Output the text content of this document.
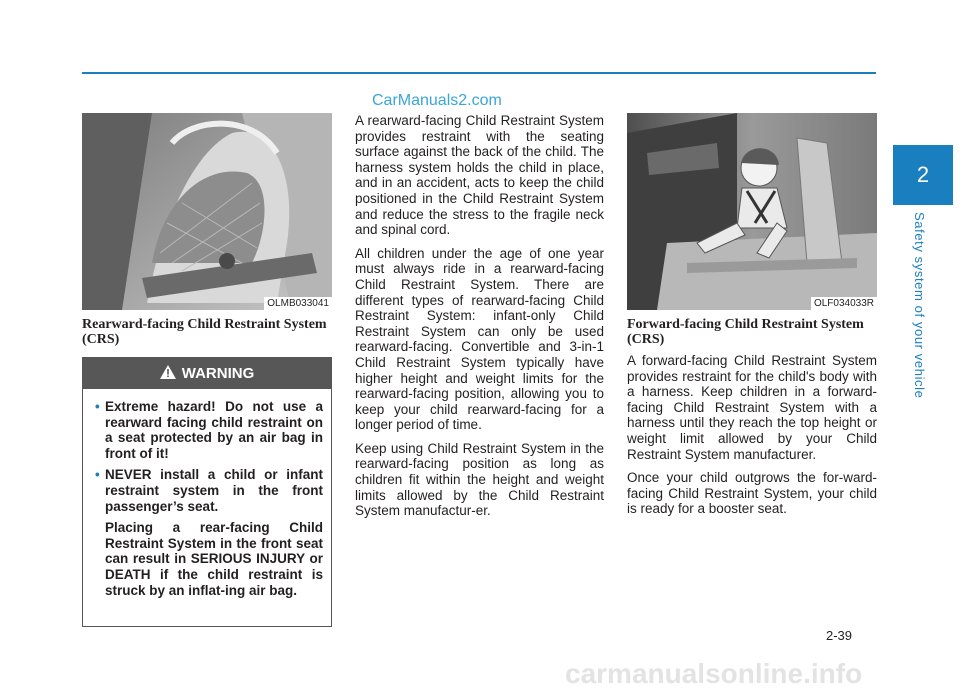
CarManuals2.com
2
Safety system of your vehicle
OLMB033041
Rearward-facing Child Restraint System (CRS)
WARNING
• Extreme hazard! Do not use a rearward facing child restraint on a seat protected by an air bag in front of it!
• NEVER install a child or infant restraint system in the front passenger’s seat.
Placing a rear-facing Child Restraint System in the front seat can result in SERIOUS INJURY or DEATH if the child restraint is struck by an inflat-ing air bag.

A rearward-facing Child Restraint System provides restraint with the seating surface against the back of the child. The harness system holds the child in place, and in an accident, acts to keep the child positioned in the Child Restraint System and reduce the stress to the fragile neck and spinal cord.

All children under the age of one year must always ride in a rearward-facing Child Restraint System. There are different types of rearward-facing Child Restraint System: infant-only Child Restraint System can only be used rearward-facing. Convertible and 3-in-1 Child Restraint System typically have higher height and weight limits for the rearward-facing position, allowing you to keep your child rearward-facing for a longer period of time.

Keep using Child Restraint System in the rearward-facing position as long as children fit within the height and weight limits allowed by the Child Restraint System manufactur-er.

OLF034033R
Forward-facing Child Restraint System (CRS)

A forward-facing Child Restraint System provides restraint for the child's body with a harness. Keep children in a forward-facing Child Restraint System with a harness until they reach the top height or weight limit allowed by your Child Restraint System manufacturer.

Once your child outgrows the for-ward-facing Child Restraint System, your child is ready for a booster seat.

2-39
carmanualsonline.info
